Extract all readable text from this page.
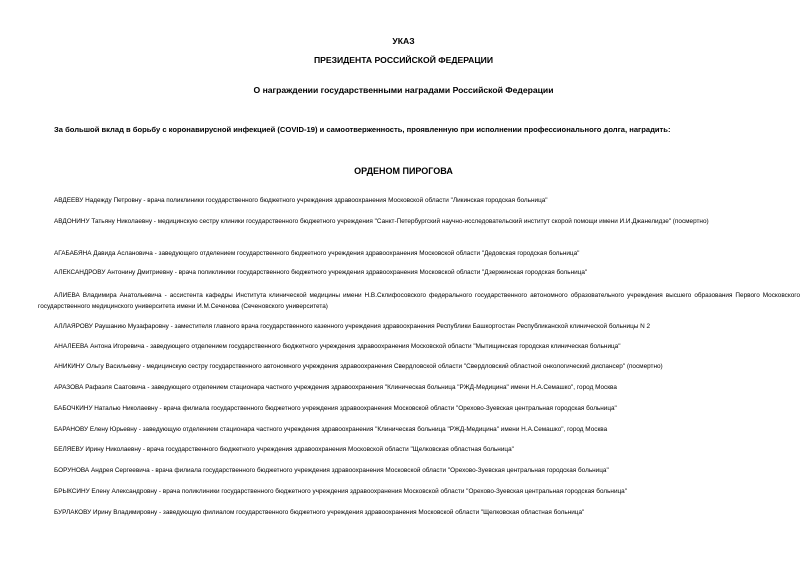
УКАЗ
ПРЕЗИДЕНТА РОССИЙСКОЙ ФЕДЕРАЦИИ
О награждении государственными наградами Российской Федерации
За большой вклад в борьбу с коронавирусной инфекцией (COVID-19) и самоотверженность, проявленную при исполнении профессионального долга, наградить:
ОРДЕНОМ ПИРОГОВА
АВДЕЕВУ Надежду Петровну - врача поликлиники государственного бюджетного учреждения здравоохранения Московской области "Ликинская городская больница"
АВДОНИНУ Татьяну Николаевну - медицинскую сестру клиники государственного бюджетного учреждения "Санкт-Петербургский научно-исследовательский институт скорой помощи имени И.И.Джанелидзе" (посмертно)
АГАБАБЯНА Давида Аслановича - заведующего отделением государственного бюджетного учреждения здравоохранения Московской области "Дедовская городская больница"
АЛЕКСАНДРОВУ Антонину Дмитриевну - врача поликлиники государственного бюджетного учреждения здравоохранения Московской области "Дзержинская городская больница"
АЛИЕВА Владимира Анатольевича - ассистента кафедры Института клинической медицины имени Н.В.Склифосовского федерального государственного автономного образовательного учреждения высшего образования Первого Московского государственного медицинского университета имени И.М.Сеченова (Сеченовского университета)
АЛЛАЯРОВУ Раушанию Музафаровну - заместителя главного врача государственного казенного учреждения здравоохранения Республики Башкортостан Республиканской клинической больницы N 2
АНАЛЕЕВА Антона Игоревича - заведующего отделением государственного бюджетного учреждения здравоохранения Московской области "Мытищинская городская клиническая больница"
АНИКИНУ Ольгу Васильевну - медицинскую сестру государственного автономного учреждения здравоохранения Свердловской области "Свердловский областной онкологический диспансер" (посмертно)
АРАЗОВА Рафаэля Саатовича - заведующего отделением стационара частного учреждения здравоохранения "Клиническая больница "РЖД-Медицина" имени Н.А.Семашко", город Москва
БАБОЧКИНУ Наталью Николаевну - врача филиала государственного бюджетного учреждения здравоохранения Московской области "Орехово-Зуевская центральная городская больница"
БАРАНОВУ Елену Юрьевну - заведующую отделением стационара частного учреждения здравоохранения "Клиническая больница "РЖД-Медицина" имени Н.А.Семашко", город Москва
БЕЛЯЕВУ Ирину Николаевну - врача государственного бюджетного учреждения здравоохранения Московской области "Щелковская областная больница"
БОРУНОВА Андрея Сергеевича - врача филиала государственного бюджетного учреждения здравоохранения Московской области "Орехово-Зуевская центральная городская больница"
БРЫКСИНУ Елену Александровну - врача поликлиники государственного бюджетного учреждения здравоохранения Московской области "Орехово-Зуевская центральная городская больница"
БУРЛАКОВУ Ирину Владимировну - заведующую филиалом государственного бюджетного учреждения здравоохранения Московской области "Щелковская областная больница"
